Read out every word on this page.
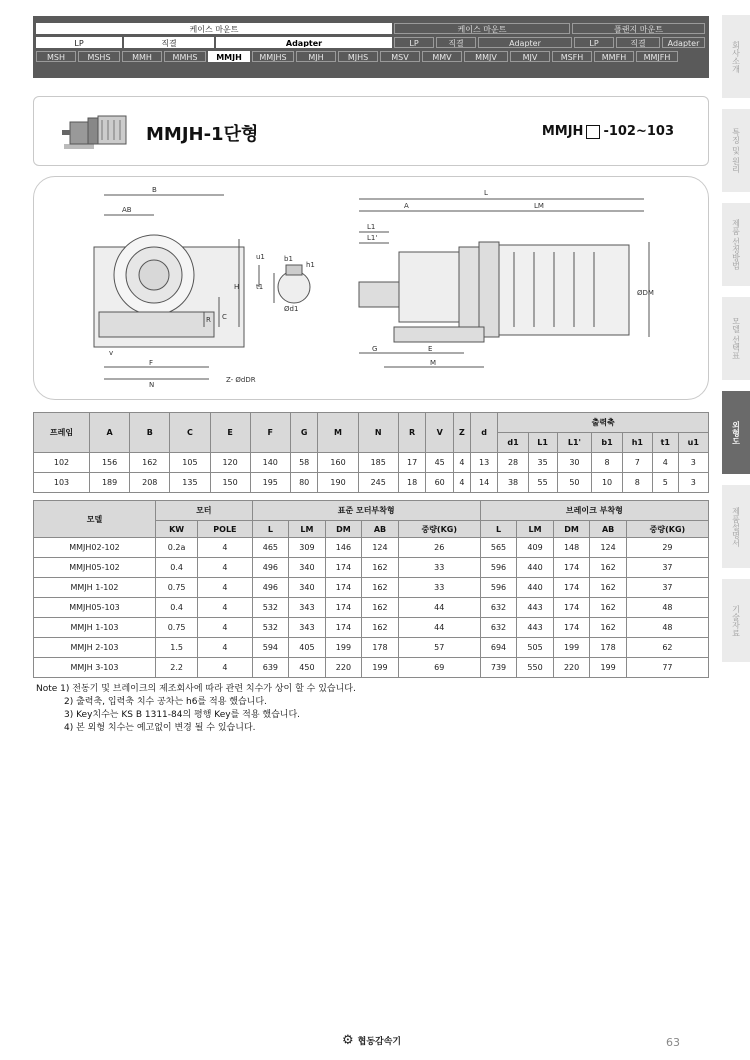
케이스 마운트	케이스 마운트	플랜지 마운트
LP	직결	Adapter	LP	직결	Adapter	LP	직결	Adapter
MSH	MSHS	MMH	MMHS	MMJH	MMJHS	MJH	MJHS	MSV	MMV	MMJV	MJV	MSFH	MMFH	MMJFH	회사소개
특징 및 원리
제품 선정방법
모델 선택표
외형도
제품설명서
기술자료
MMJH-1단형	MMJH -102~103
B
AB
u1	b1
h1
t1
Ød1
H
C
R
F
N
v
Z- ØdDR
L
A	LM
L1
L1'
ØDM
G	E
M
프레임	A	B	C	E	F	G	M	N	R	V	Z	d	출력축						
													d1	L1	L1'	b1	h1	t1	u1
102	156	162	105	120	140	58	160	185	17	45	4	13	28	35	30	8	7	4	3
103	189	208	135	150	195	80	190	245	18	60	4	14	38	55	50	10	8	5	3
모델	모터		표준 모터부착형					브레이크 부착형				
	KW	POLE	L	LM	DM	AB	중량(KG)	L	LM	DM	AB	중량(KG)
MMJH02-102	0.2a	4	465	309	146	124	26	565	409	148	124	29
MMJH05-102	0.4	4	496	340	174	162	33	596	440	174	162	37
MMJH 1-102	0.75	4	496	340	174	162	33	596	440	174	162	37
MMJH05-103	0.4	4	532	343	174	162	44	632	443	174	162	48
MMJH 1-103	0.75	4	532	343	174	162	44	632	443	174	162	48
MMJH 2-103	1.5	4	594	405	199	178	57	694	505	199	178	62
MMJH 3-103	2.2	4	639	450	220	199	69	739	550	220	199	77
Note 1) 전동기 및 브레이크의 제조회사에 따라 관련 치수가 상이 할 수 있습니다.
2) 출력축, 입력축 치수 공차는 h6를 적용 했습니다.
3) Key치수는 KS B 1311-84의 평행 Key를 적용 했습니다.
4) 본 외형 치수는 예고없이 변경 될 수 있습니다.
⚙ 협동감속기	63
